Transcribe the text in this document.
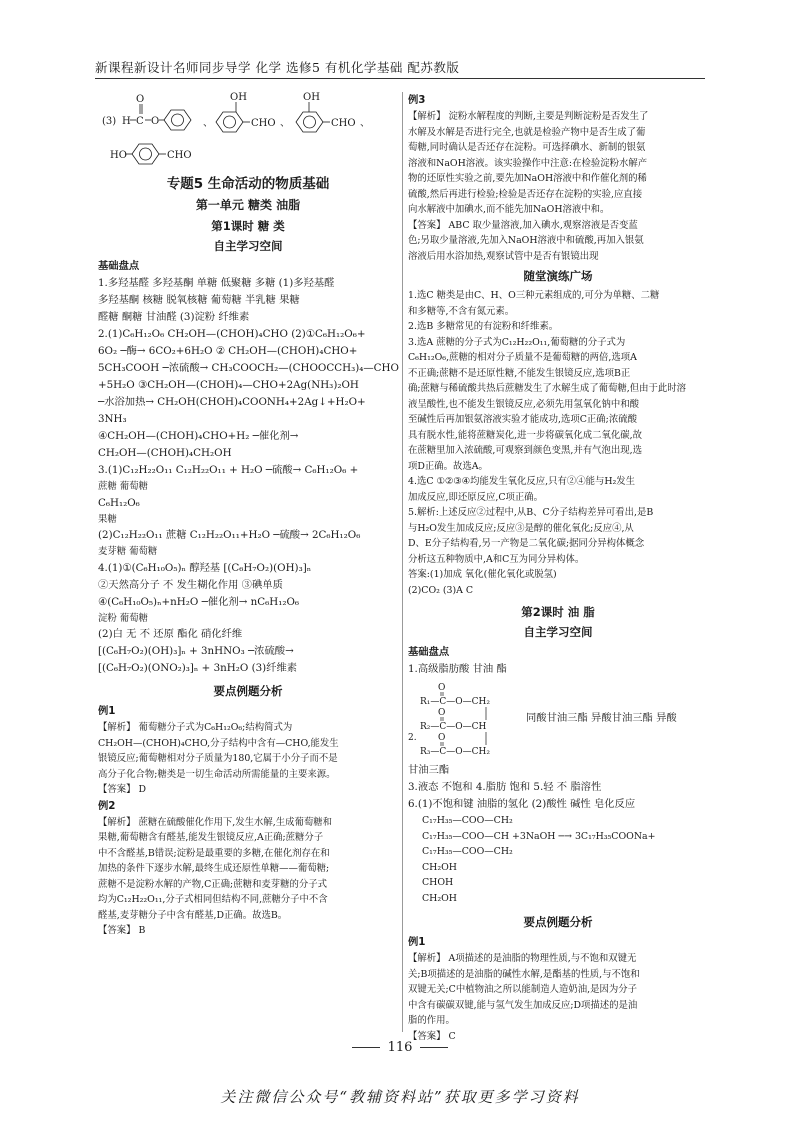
新课程新设计名师同步导学 化学 选修5 有机化学基础 配苏教版
(3) H C
O
O
OH
CHO
、	、
OH
CHO 、
HO	CHO
专题5 生命活动的物质基础
第一单元 糖类 油脂
第1课时 糖 类
自主学习空间
基础盘点
1.多羟基醛 多羟基酮 单糖 低聚糖 多糖 (1)多羟基醛
多羟基酮 核糖 脱氧核糖 葡萄糖 半乳糖 果糖
醛糖 酮糖 甘油醛 (3)淀粉 纤维素
2.(1)C₆H₁₂O₆ CH₂OH—(CHOH)₄CHO (2)①C₆H₁₂O₆+
6O₂ ─酶→ 6CO₂+6H₂O ② CH₂OH—(CHOH)₄CHO+
5CH₃COOH ─浓硫酸→ CH₃COOCH₂—(CHOOCCH₃)₄—CHO
+5H₂O ③CH₂OH—(CHOH)₄—CHO+2Ag(NH₃)₂OH
─水浴加热→ CH₂OH(CHOH)₄COONH₄+2Ag↓+H₂O+
3NH₃
④CH₂OH—(CHOH)₄CHO+H₂ ─催化剂→
CH₂OH—(CHOH)₄CH₂OH
3.(1)C₁₂H₂₂O₁₁ C₁₂H₂₂O₁₁ + H₂O ─硫酸→ C₆H₁₂O₆ +
蔗糖 葡萄糖
C₆H₁₂O₆
果糖
(2)C₁₂H₂₂O₁₁ 蔗糖 C₁₂H₂₂O₁₁+H₂O ─硫酸→ 2C₆H₁₂O₆
麦芽糖 葡萄糖
4.(1)①(C₆H₁₀O₅)ₙ 醇羟基 [(C₆H₇O₂)(OH)₃]ₙ
②天然高分子 不 发生糊化作用 ③碘单质
④(C₆H₁₀O₅)ₙ+nH₂O ─催化剂→ nC₆H₁₂O₆
淀粉 葡萄糖
(2)白 无 不 还原 酯化 硝化纤维
[(C₆H₇O₂)(OH)₃]ₙ + 3nHNO₃ ─浓硫酸→
[(C₆H₇O₂)(ONO₂)₃]ₙ + 3nH₂O (3)纤维素
要点例题分析
例1
【解析】 葡萄糖分子式为C₆H₁₂O₆;结构简式为
CH₂OH—(CHOH)₄CHO,分子结构中含有—CHO,能发生
银镜反应;葡萄糖相对分子质量为180,它属于小分子而不是
高分子化合物;糖类是一切生命活动所需能量的主要来源。
【答案】 D
例2
【解析】 蔗糖在硫酸催化作用下,发生水解,生成葡萄糖和
果糖,葡萄糖含有醛基,能发生银镜反应,A正确;蔗糖分子
中不含醛基,B错误;淀粉是最重要的多糖,在催化剂存在和
加热的条件下逐步水解,最终生成还原性单糖——葡萄糖;
蔗糖不是淀粉水解的产物,C正确;蔗糖和麦芽糖的分子式
均为C₁₂H₂₂O₁₁,分子式相同但结构不同,蔗糖分子中不含
醛基,麦芽糖分子中含有醛基,D正确。故选B。
【答案】 B
例3
【解析】 淀粉水解程度的判断,主要是判断淀粉是否发生了
水解及水解是否进行完全,也就是检验产物中是否生成了葡
萄糖,同时确认是否还存在淀粉。可选择碘水、新制的银氨
溶液和NaOH溶液。该实验操作中注意:在检验淀粉水解产
物的还原性实验之前,要先加NaOH溶液中和作催化剂的稀
硫酸,然后再进行检验;检验是否还存在淀粉的实验,应直接
向水解液中加碘水,而不能先加NaOH溶液中和。
【答案】 ABC 取少量溶液,加入碘水,观察溶液是否变蓝
色;另取少量溶液,先加入NaOH溶液中和硫酸,再加入银氨
溶液后用水浴加热,观察试管中是否有银镜出现
随堂演练广场
1.选C 糖类是由C、H、O三种元素组成的,可分为单糖、二糖
和多糖等,不含有氮元素。
2.选B 多糖常见的有淀粉和纤维素。
3.选A 蔗糖的分子式为C₁₂H₂₂O₁₁,葡萄糖的分子式为
C₆H₁₂O₆,蔗糖的相对分子质量不是葡萄糖的两倍,选项A
不正确;蔗糖不是还原性糖,不能发生银镜反应,选项B正
确;蔗糖与稀硫酸共热后蔗糖发生了水解生成了葡萄糖,但由于此时溶
液呈酸性,也不能发生银镜反应,必须先用氢氧化钠中和酸
至碱性后再加银氨溶液实验才能成功,选项C正确;浓硫酸
具有脱水性,能将蔗糖炭化,进一步将碳氧化成二氧化碳,故
在蔗糖里加入浓硫酸,可观察到颜色变黑,并有气泡出现,选
项D正确。故选A。
4.选C ①②③④均能发生氧化反应,只有②④能与H₂发生
加成反应,即还原反应,C项正确。
5.解析:上述反应②过程中,从B、C分子结构差异可看出,是B
与H₂O发生加成反应;反应③是醇的催化氧化;反应④,从
D、E分子结构看,另一产物是二氧化碳;据同分异构体概念
分析这五种物质中,A和C互为同分异构体。
答案:(1)加成 氧化(催化氧化或脱氢)
(2)CO₂ (3)A C
第2课时 油 脂
自主学习空间
基础盘点
1.高级脂肪酸 甘油 酯
2.
R₁—C—O—CH₂
R₂—C—O—CH
R₃—C—O—CH₂
O
O
O
同酸甘油三酯 异酸甘油三酯 异酸
甘油三酯
3.液态 不饱和 4.脂肪 饱和 5.轻 不 脂溶性
6.(1)不饱和键 油脂的氢化 (2)酸性 碱性 皂化反应
C₁₇H₃₅—COO—CH₂
C₁₇H₃₅—COO—CH +3NaOH ─→ 3C₁₇H₃₅COONa+
C₁₇H₃₅—COO—CH₂
CH₂OH
CHOH
CH₂OH
要点例题分析
例1
【解析】 A项描述的是油脂的物理性质,与不饱和双键无
关;B项描述的是油脂的碱性水解,是酯基的性质,与不饱和
双键无关;C中植物油之所以能制造人造奶油,是因为分子
中含有碳碳双键,能与氢气发生加成反应;D项描述的是油
脂的作用。
【答案】 C
116
关注微信公众号“教辅资料站”获取更多学习资料
